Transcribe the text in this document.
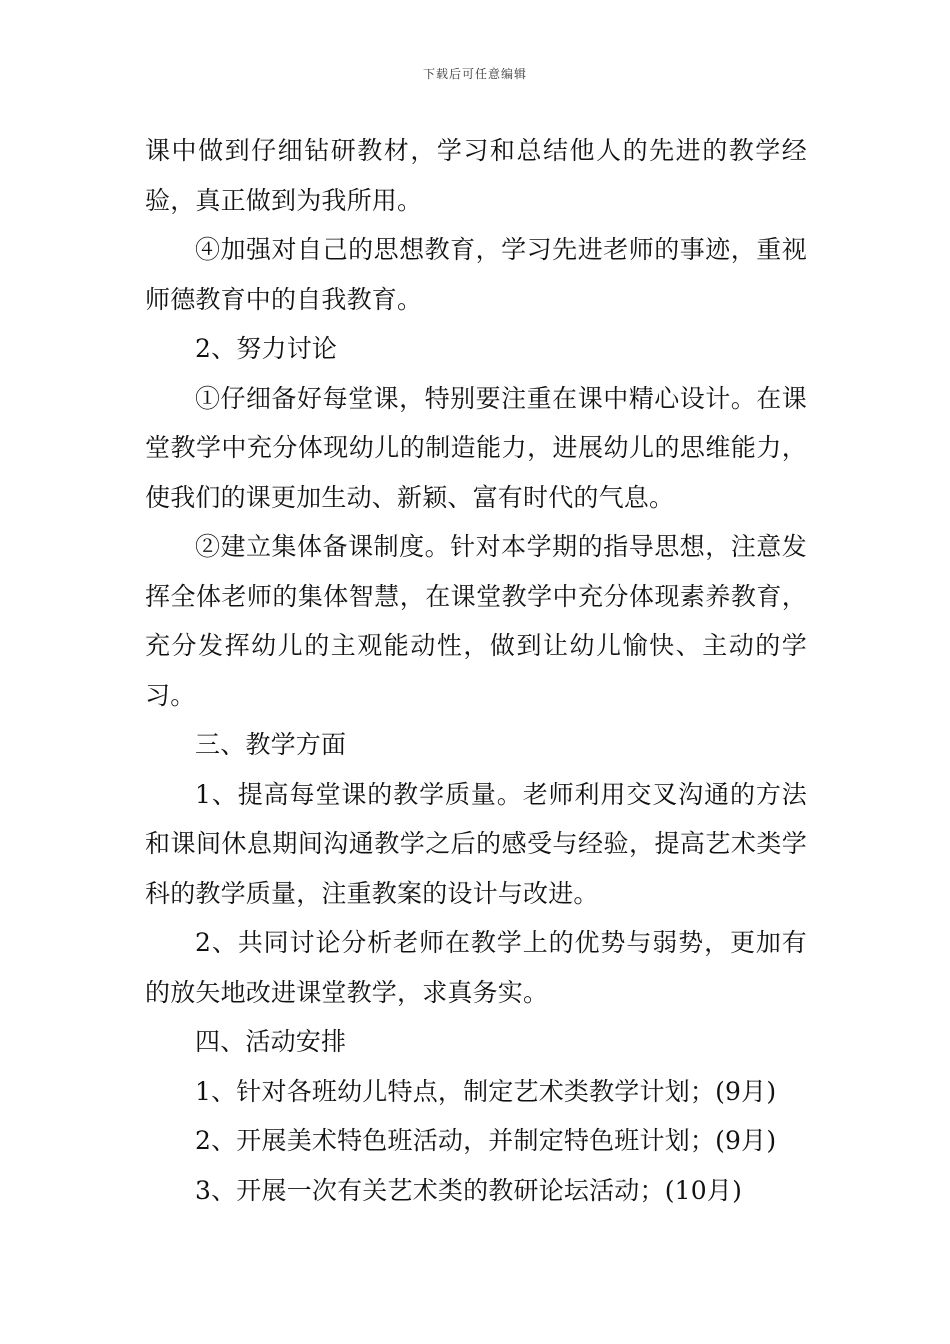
下载后可任意编辑

课中做到仔细钻研教材，学习和总结他人的先进的教学经验，真正做到为我所用。

④加强对自己的思想教育，学习先进老师的事迹，重视师德教育中的自我教育。

2、努力讨论

①仔细备好每堂课，特别要注重在课中精心设计。在课堂教学中充分体现幼儿的制造能力，进展幼儿的思维能力，使我们的课更加生动、新颖、富有时代的气息。

②建立集体备课制度。针对本学期的指导思想，注意发挥全体老师的集体智慧，在课堂教学中充分体现素养教育，充分发挥幼儿的主观能动性，做到让幼儿愉快、主动的学习。

三、教学方面

1、提高每堂课的教学质量。老师利用交叉沟通的方法和课间休息期间沟通教学之后的感受与经验，提高艺术类学科的教学质量，注重教案的设计与改进。

2、共同讨论分析老师在教学上的优势与弱势，更加有的放矢地改进课堂教学，求真务实。

四、活动安排

1、针对各班幼儿特点，制定艺术类教学计划；(9月)

2、开展美术特色班活动，并制定特色班计划；(9月)

3、开展一次有关艺术类的教研论坛活动；(10月)
